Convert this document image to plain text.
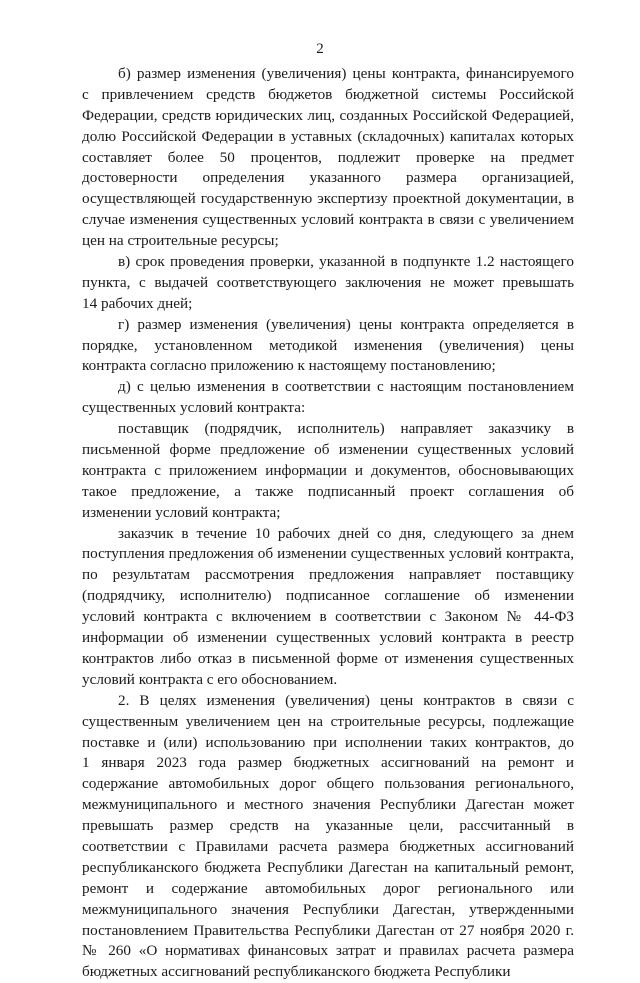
2
б) размер изменения (увеличения) цены контракта, финансируемого
с привлечением средств бюджетов бюджетной системы Российской
Федерации, средств юридических лиц, созданных Российской Федерацией,
долю Российской Федерации в уставных (складочных) капиталах которых
составляет более 50 процентов, подлежит проверке на предмет
достоверности определения указанного размера организацией,
осуществляющей государственную экспертизу проектной документации, в
случае изменения существенных условий контракта в связи с увеличением
цен на строительные ресурсы;
в) срок проведения проверки, указанной в подпункте 1.2 настоящего
пункта, с выдачей соответствующего заключения не может превышать
14 рабочих дней;
г) размер изменения (увеличения) цены контракта определяется в
порядке, установленном методикой изменения (увеличения) цены
контракта согласно приложению к настоящему постановлению;
д) с целью изменения в соответствии с настоящим постановлением
существенных условий контракта:
поставщик (подрядчик, исполнитель) направляет заказчику в
письменной форме предложение об изменении существенных условий
контракта с приложением информации и документов, обосновывающих
такое предложение, а также подписанный проект соглашения об
изменении условий контракта;
заказчик в течение 10 рабочих дней со дня, следующего за днем
поступления предложения об изменении существенных условий контракта,
по результатам рассмотрения предложения направляет поставщику
(подрядчику, исполнителю) подписанное соглашение об изменении
условий контракта с включением в соответствии с Законом № 44-ФЗ
информации об изменении существенных условий контракта в реестр
контрактов либо отказ в письменной форме от изменения существенных
условий контракта с его обоснованием.
2. В целях изменения (увеличения) цены контрактов в связи с
существенным увеличением цен на строительные ресурсы, подлежащие
поставке и (или) использованию при исполнении таких контрактов, до
1 января 2023 года размер бюджетных ассигнований на ремонт и
содержание автомобильных дорог общего пользования регионального,
межмуниципального и местного значения Республики Дагестан может
превышать размер средств на указанные цели, рассчитанный в
соответствии с Правилами расчета размера бюджетных ассигнований
республиканского бюджета Республики Дагестан на капитальный ремонт,
ремонт и содержание автомобильных дорог регионального или
межмуниципального значения Республики Дагестан, утвержденными
постановлением Правительства Республики Дагестан от 27 ноября 2020 г.
№ 260 «О нормативах финансовых затрат и правилах расчета размера
бюджетных ассигнований республиканского бюджета Республики
